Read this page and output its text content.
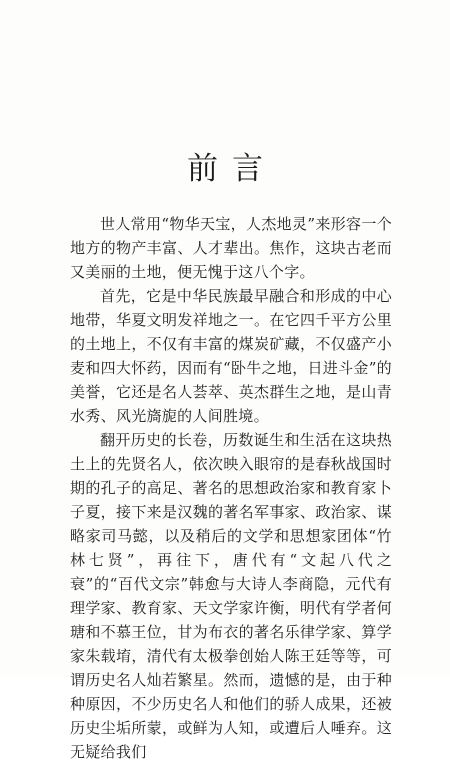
前言

世人常用“物华天宝，人杰地灵”来形容一个地方的物产丰富、人才辈出。焦作，这块古老而又美丽的土地，便无愧于这八个字。

首先，它是中华民族最早融合和形成的中心地带，华夏文明发祥地之一。在它四千平方公里的土地上，不仅有丰富的煤炭矿藏，不仅盛产小麦和四大怀药，因而有“卧牛之地，日进斗金”的美誉，它还是名人荟萃、英杰群生之地，是山青水秀、风光旖旎的人间胜境。

翻开历史的长卷，历数诞生和生活在这块热土上的先贤名人，依次映入眼帘的是春秋战国时期的孔子的高足、著名的思想政治家和教育家卜子夏，接下来是汉魏的著名军事家、政治家、谋略家司马懿，以及稍后的文学和思想家团体“竹林七贤”，再往下，唐代有“文起八代之衰”的“百代文宗”韩愈与大诗人李商隐，元代有理学家、教育家、天文学家许衡，明代有学者何瑭和不慕王位，甘为布衣的著名乐律学家、算学家朱载堉，清代有太极拳创始人陈王廷等等，可谓历史名人灿若繁星。然而，遗憾的是，由于种种原因，不少历史名人和他们的骄人成果，还被历史尘垢所蒙，或鲜为人知，或遭后人唾弃。这无疑给我们
